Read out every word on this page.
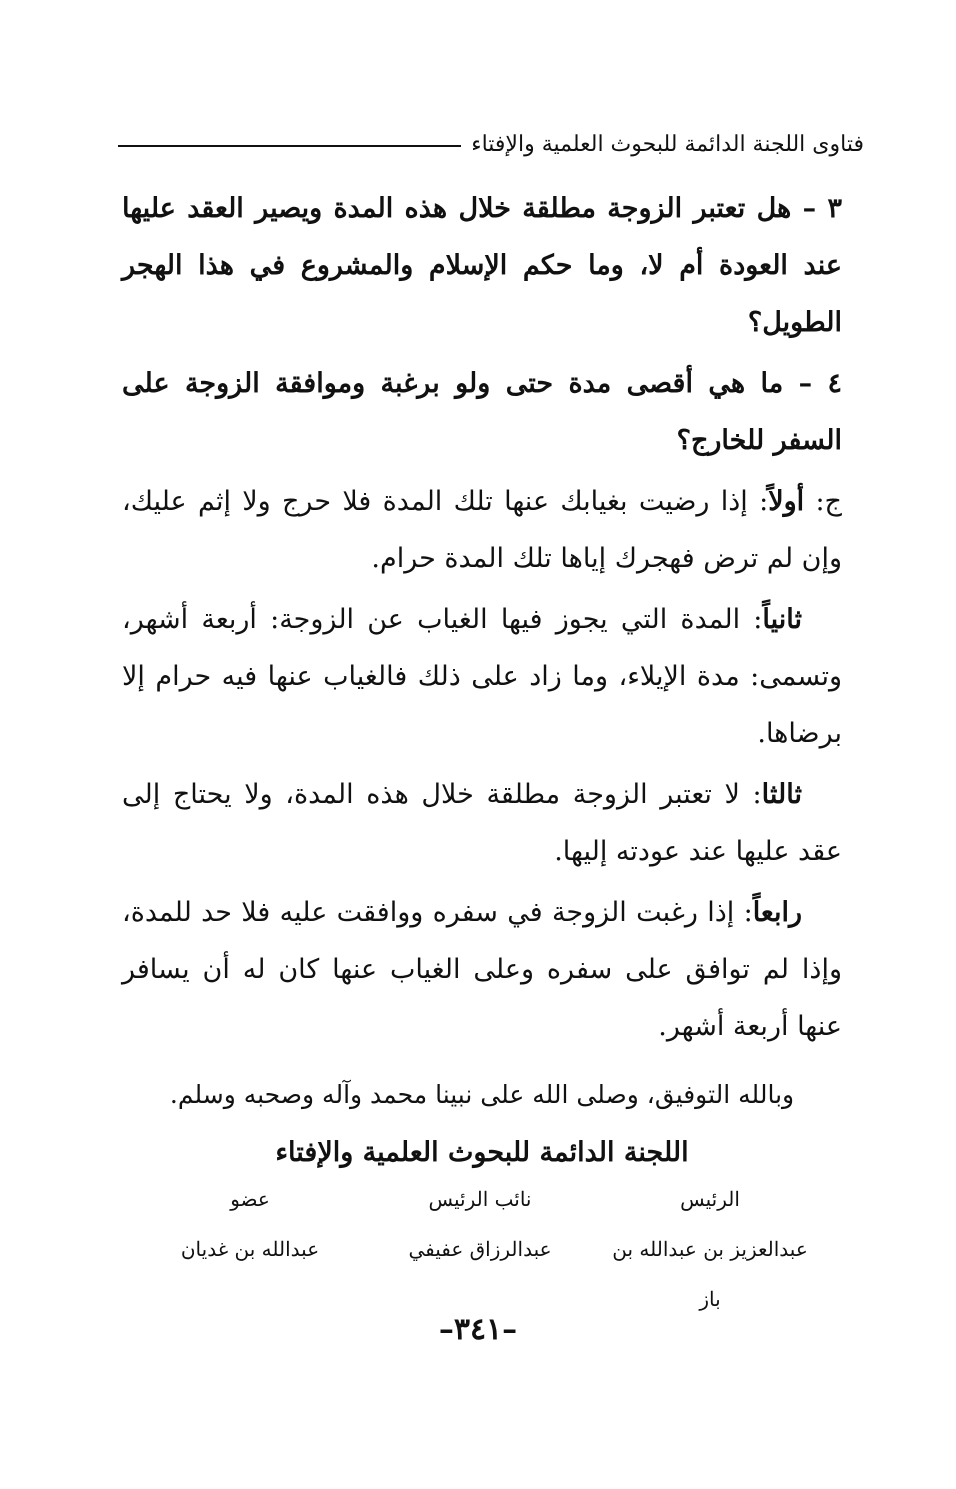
فتاوى اللجنة الدائمة للبحوث العلمية والإفتاء

٣ – هل تعتبر الزوجة مطلقة خلال هذه المدة ويصير العقد عليها عند العودة أم لا، وما حكم الإسلام والمشروع في هذا الهجر الطويل؟

٤ – ما هي أقصى مدة حتى ولو برغبة وموافقة الزوجة على السفر للخارج؟

ج: أولاً: إذا رضيت بغيابك عنها تلك المدة فلا حرج ولا إثم عليك، وإن لم ترض فهجرك إياها تلك المدة حرام.

ثانياً: المدة التي يجوز فيها الغياب عن الزوجة: أربعة أشهر، وتسمى: مدة الإيلاء، وما زاد على ذلك فالغياب عنها فيه حرام إلا برضاها.

ثالثا: لا تعتبر الزوجة مطلقة خلال هذه المدة، ولا يحتاج إلى عقد عليها عند عودته إليها.

رابعاً: إذا رغبت الزوجة في سفره ووافقت عليه فلا حد للمدة، وإذا لم توافق على سفره وعلى الغياب عنها كان له أن يسافر عنها أربعة أشهر.

وبالله التوفيق، وصلى الله على نبينا محمد وآله وصحبه وسلم.
اللجنة الدائمة للبحوث العلمية والإفتاء
الرئيس
عبدالعزيز بن عبدالله بن باز
نائب الرئيس
عبدالرزاق عفيفي
عضو
عبدالله بن غديان
–٣٤١–
